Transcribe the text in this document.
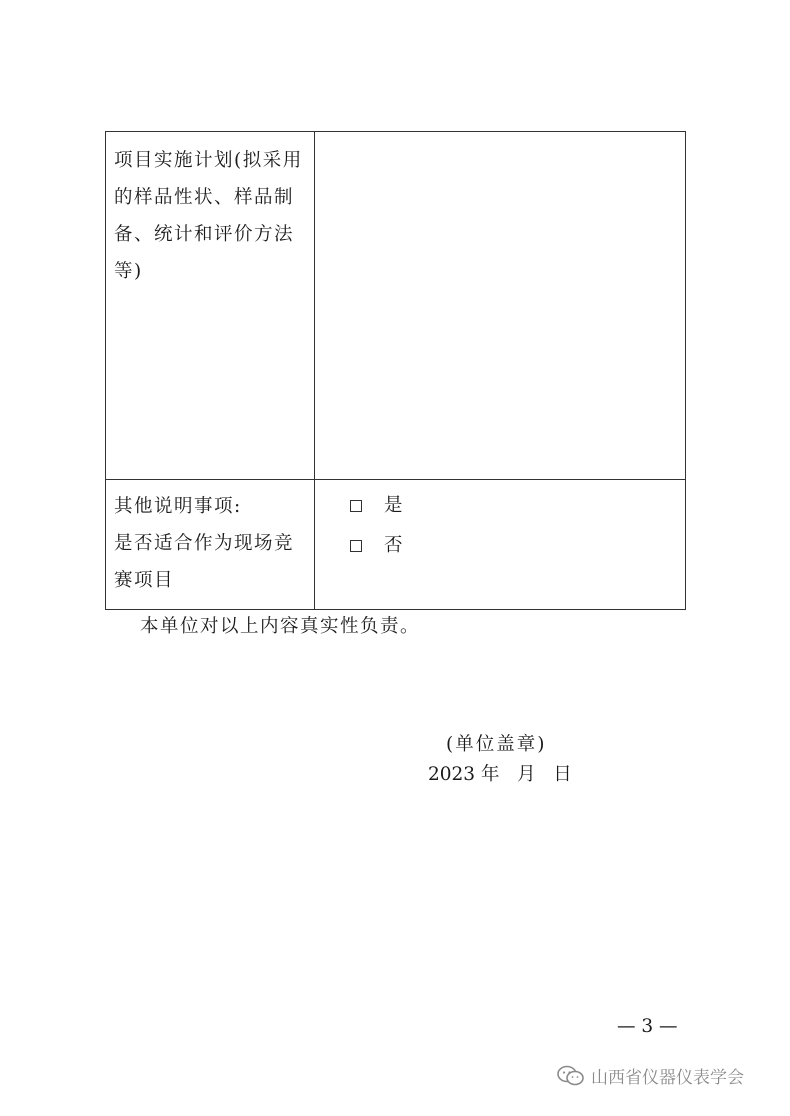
项目实施计划(拟采用
的样品性状、样品制
备、统计和评价方法
等)
其他说明事项:
是否适合作为现场竞
赛项目
是
否
本单位对以上内容真实性负责。
(单位盖章)
2023 年   月   日
— 3 —
山西省仪器仪表学会
